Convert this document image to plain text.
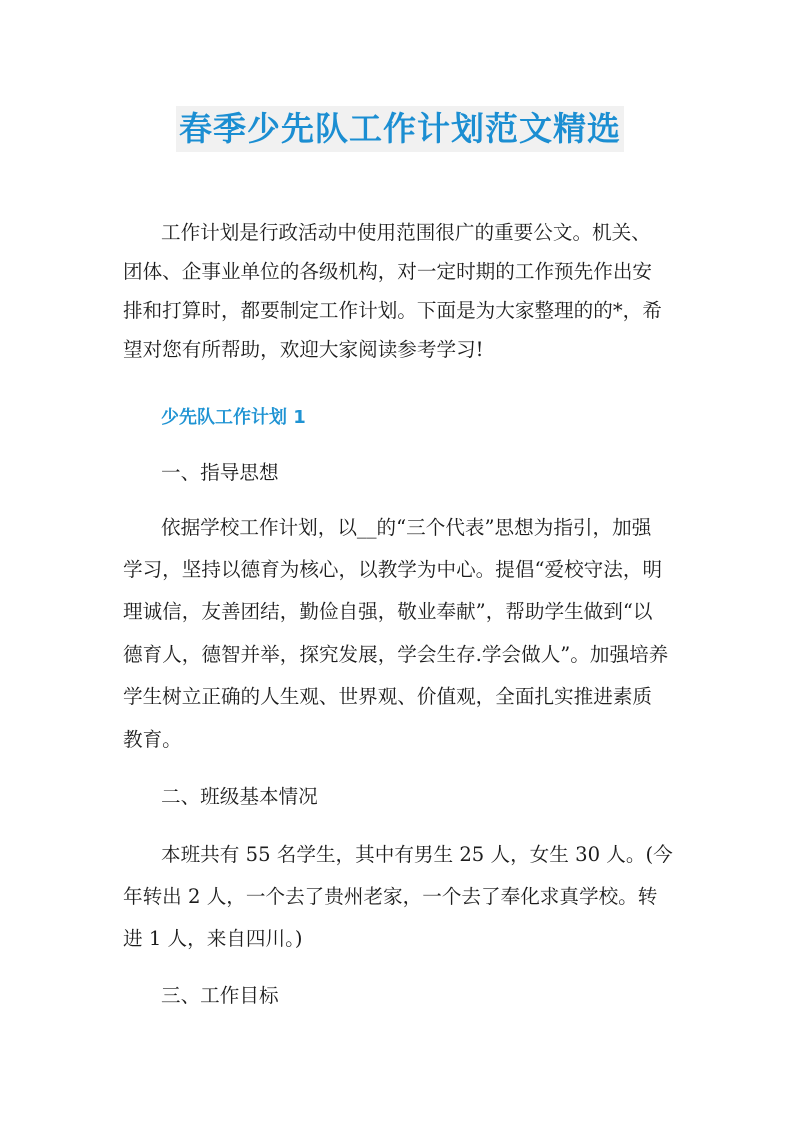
春季少先队工作计划范文精选
工作计划是行政活动中使用范围很广的重要公文。机关、
团体、企事业单位的各级机构，对一定时期的工作预先作出安
排和打算时，都要制定工作计划。下面是为大家整理的的*，希
望对您有所帮助，欢迎大家阅读参考学习!
少先队工作计划 1
一、指导思想
依据学校工作计划，以__的“三个代表”思想为指引，加强
学习，坚持以德育为核心，以教学为中心。提倡“爱校守法，明
理诚信，友善团结，勤俭自强，敬业奉献”，帮助学生做到“以
德育人，德智并举，探究发展，学会生存.学会做人”。加强培养
学生树立正确的人生观、世界观、价值观，全面扎实推进素质
教育。
二、班级基本情况
本班共有 55 名学生，其中有男生 25 人，女生 30 人。(今
年转出 2 人，一个去了贵州老家，一个去了奉化求真学校。转
进 1 人，来自四川。)
三、工作目标
